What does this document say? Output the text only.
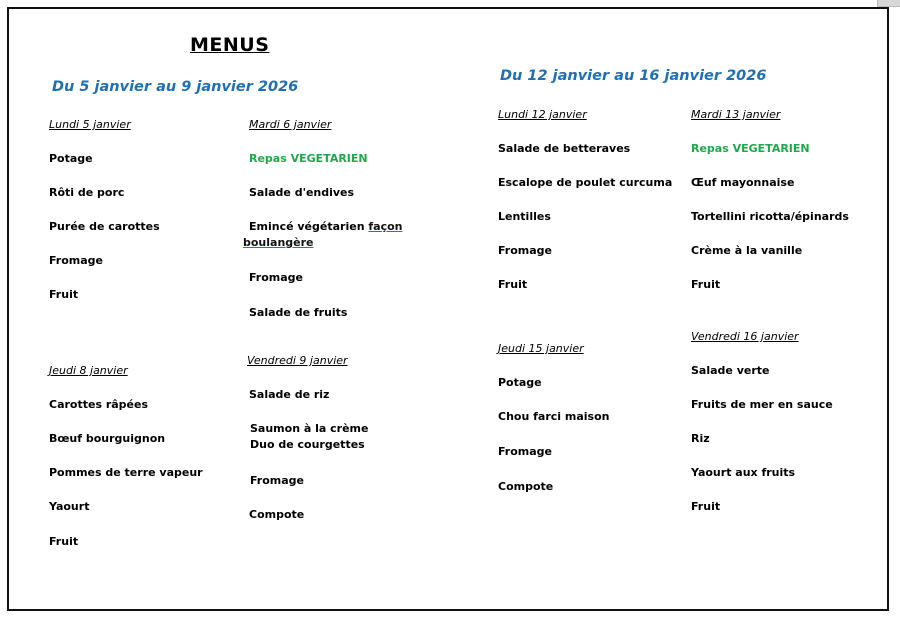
MENUS
Du 5 janvier au 9 janvier 2026
Lundi 5 janvier
Potage
Rôti de porc
Purée de carottes
Fromage
Fruit
Mardi 6 janvier
Repas VEGETARIEN
Salade d'endives
Emincé végétarien façon
boulangère
Fromage
Salade de fruits
Jeudi 8 janvier
Carottes râpées
Bœuf bourguignon
Pommes de terre vapeur
Yaourt
Fruit
Vendredi 9 janvier
Salade de riz
Saumon à la crème
Duo de courgettes
Fromage
Compote
Du 12 janvier au 16 janvier 2026
Lundi 12 janvier
Salade de betteraves
Escalope de poulet curcuma
Lentilles
Fromage
Fruit
Mardi 13 janvier
Repas VEGETARIEN
Œuf mayonnaise
Tortellini ricotta/épinards
Crème à la vanille
Fruit
Jeudi 15 janvier
Potage
Chou farci maison
Fromage
Compote
Vendredi 16 janvier
Salade verte
Fruits de mer en sauce
Riz
Yaourt aux fruits
Fruit
